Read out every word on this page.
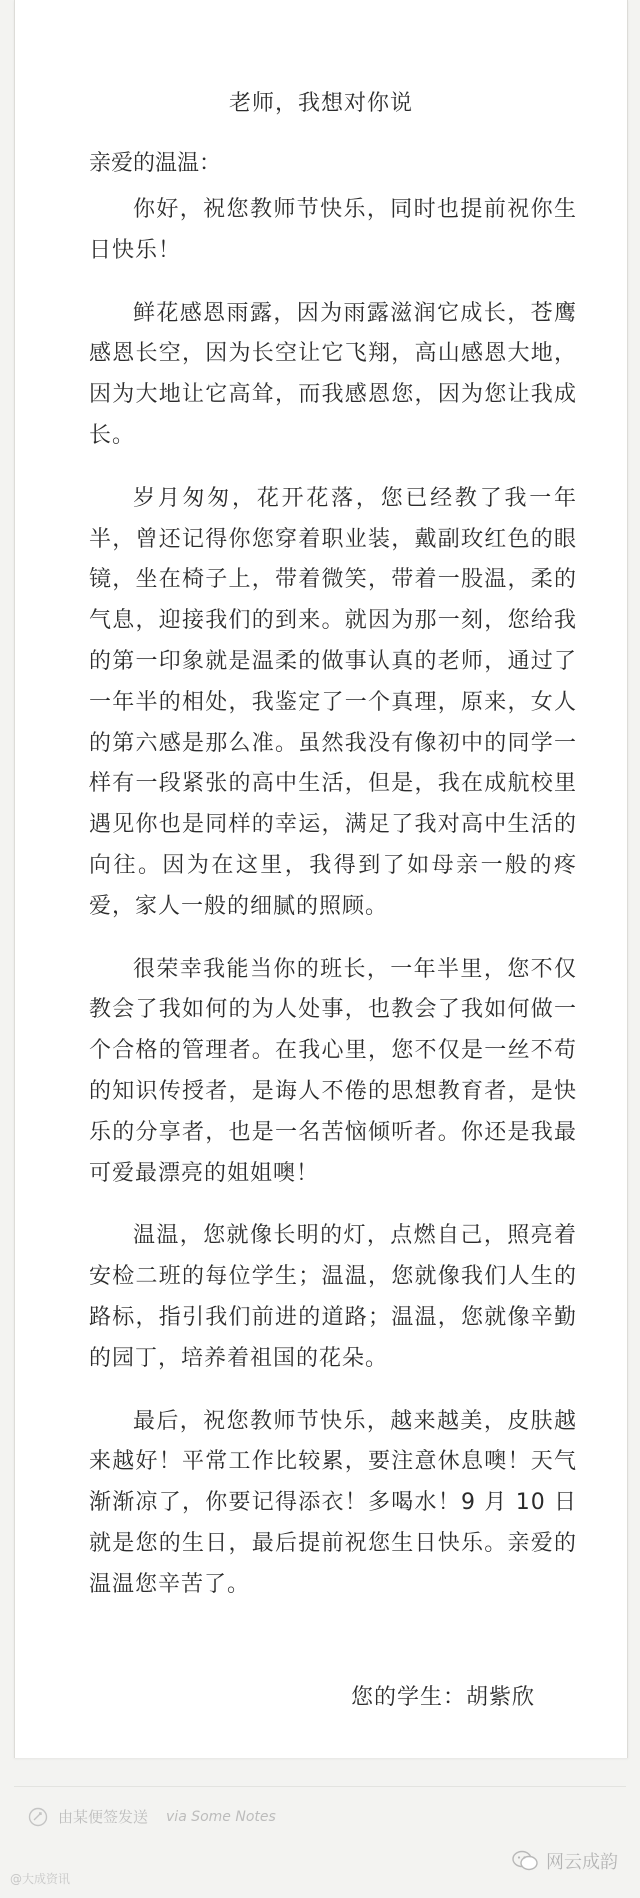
老师，我想对你说
亲爱的温温：

你好，祝您教师节快乐，同时也提前祝你生日快乐！

鲜花感恩雨露，因为雨露滋润它成长，苍鹰感恩长空，因为长空让它飞翔，高山感恩大地，因为大地让它高耸，而我感恩您，因为您让我成长。

岁月匆匆，花开花落，您已经教了我一年半，曾还记得你您穿着职业装，戴副玫红色的眼镜，坐在椅子上，带着微笑，带着一股温，柔的气息，迎接我们的到来。就因为那一刻，您给我的第一印象就是温柔的做事认真的老师，通过了一年半的相处，我鉴定了一个真理，原来，女人的第六感是那么准。虽然我没有像初中的同学一样有一段紧张的高中生活，但是，我在成航校里遇见你也是同样的幸运，满足了我对高中生活的向往。因为在这里，我得到了如母亲一般的疼爱，家人一般的细腻的照顾。

很荣幸我能当你的班长，一年半里，您不仅教会了我如何的为人处事，也教会了我如何做一个合格的管理者。在我心里，您不仅是一丝不苟的知识传授者，是诲人不倦的思想教育者，是快乐的分享者，也是一名苦恼倾听者。你还是我最可爱最漂亮的姐姐噢！

温温，您就像长明的灯，点燃自己，照亮着安检二班的每位学生；温温，您就像我们人生的路标，指引我们前进的道路；温温，您就像辛勤的园丁，培养着祖国的花朵。

最后，祝您教师节快乐，越来越美，皮肤越来越好！平常工作比较累，要注意休息噢！天气渐渐凉了，你要记得添衣！多喝水！9 月 10 日就是您的生日，最后提前祝您生日快乐。亲爱的温温您辛苦了。

您的学生：胡紫欣
由某便签发送 via Some Notes
@大成资讯
网云成韵
